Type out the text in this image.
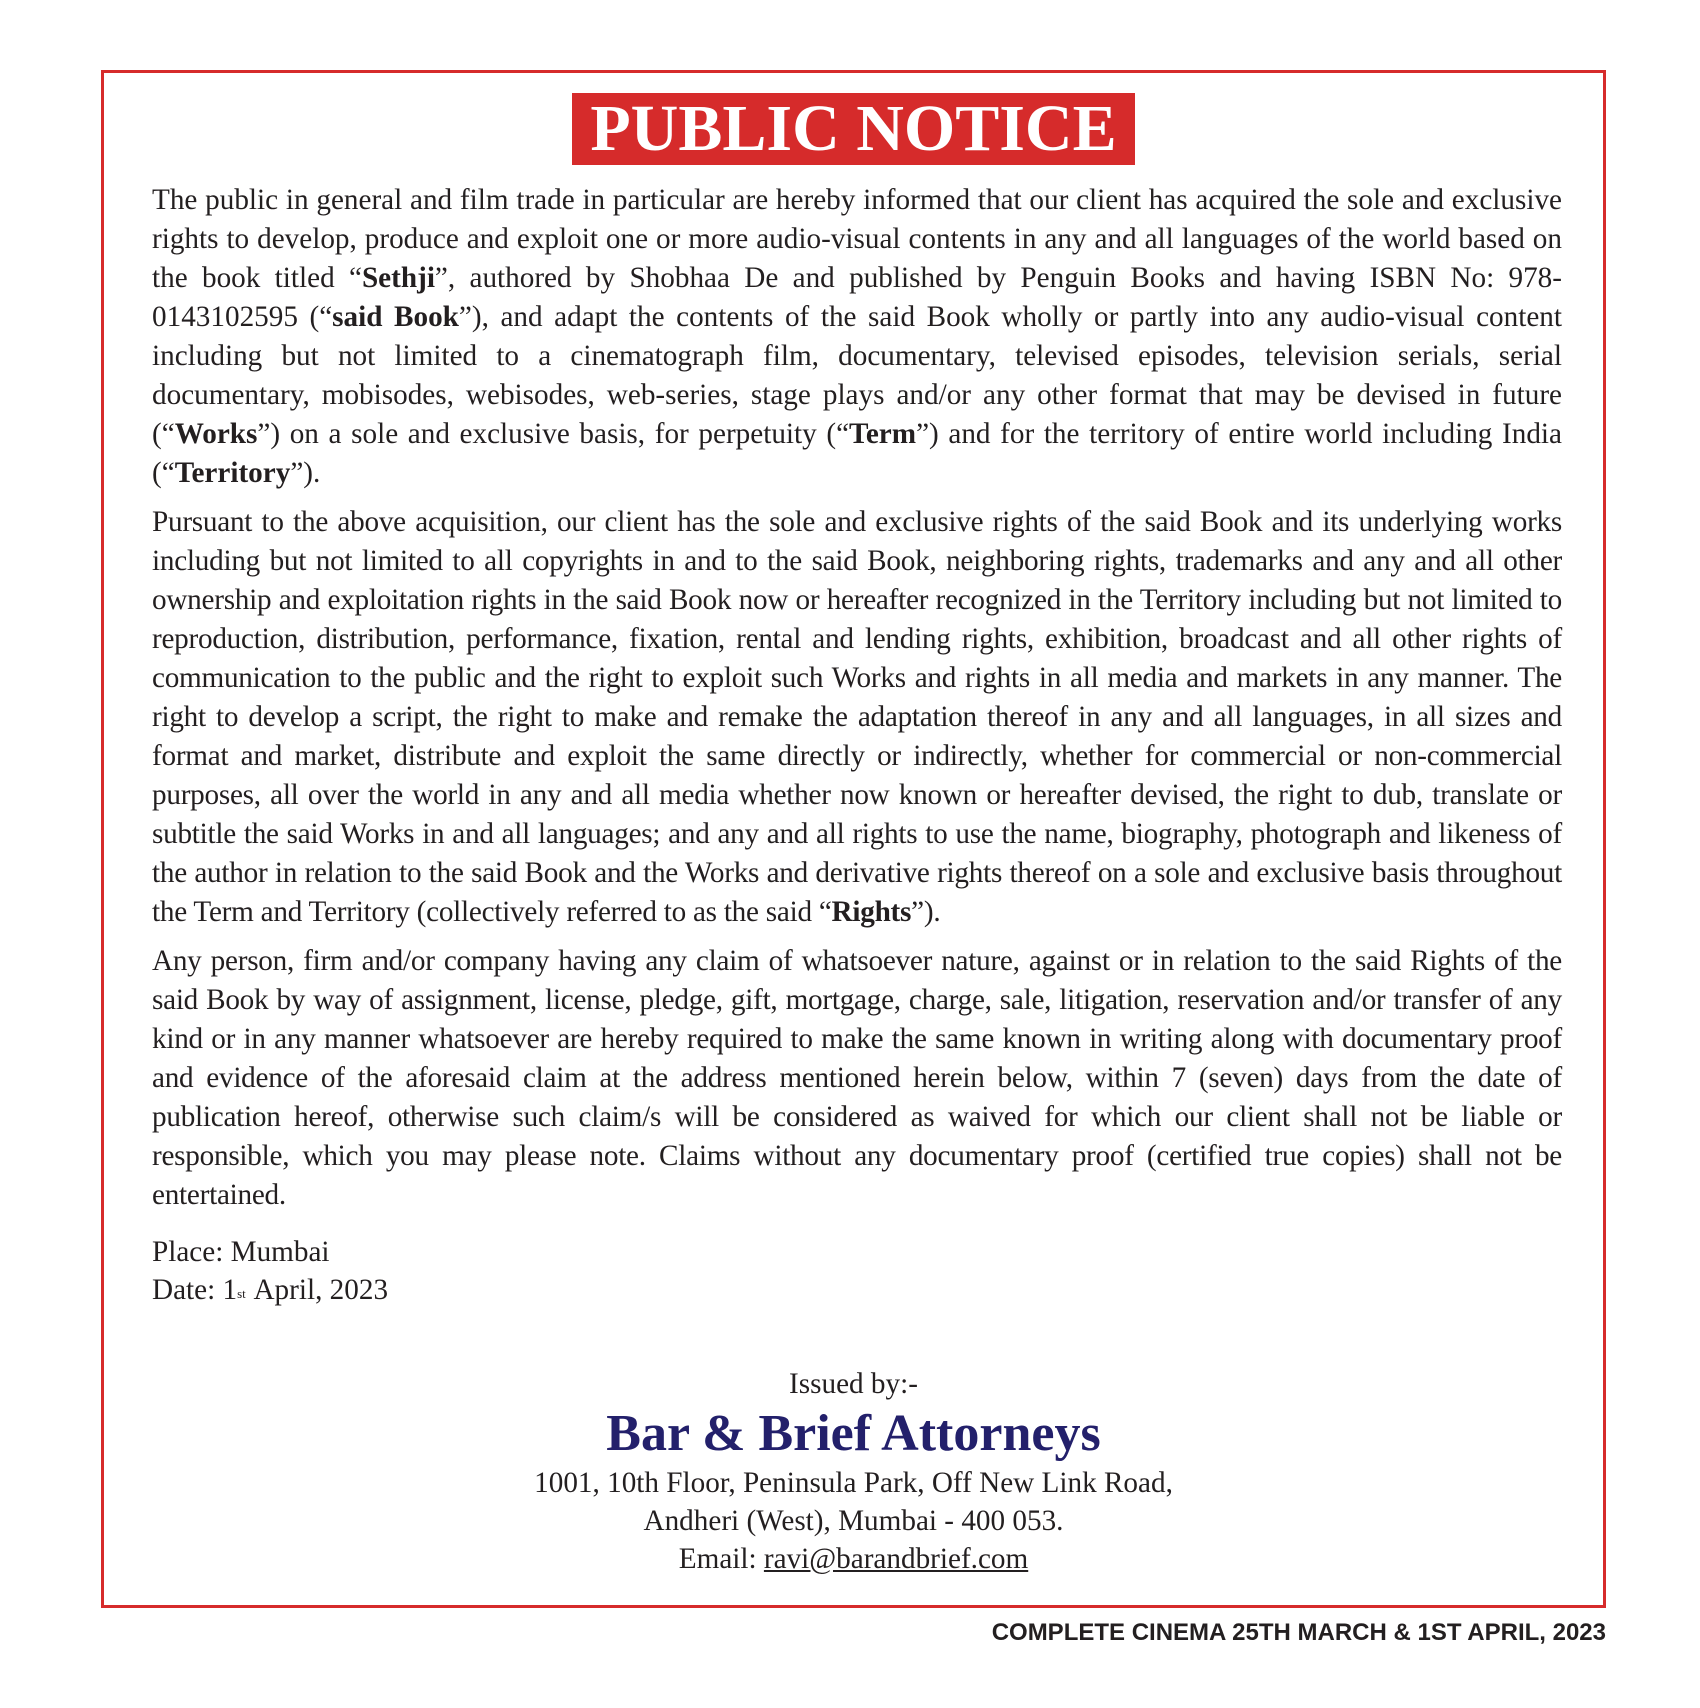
PUBLIC NOTICE

The public in general and film trade in particular are hereby informed that our client has acquired the sole and exclusive rights to develop, produce and exploit one or more audio-visual contents in any and all languages of the world based on the book titled “Sethji”, authored by Shobhaa De and published by Penguin Books and having ISBN No: 978-0143102595 (“said Book”), and adapt the contents of the said Book wholly or partly into any audio-visual content including but not limited to a cinematograph film, documentary, televised episodes, television serials, serial documentary, mobisodes, webisodes, web-series, stage plays and/or any other format that may be devised in future (“Works”) on a sole and exclusive basis, for perpetuity (“Term”) and for the territory of entire world including India (“Territory”).

Pursuant to the above acquisition, our client has the sole and exclusive rights of the said Book and its underlying works including but not limited to all copyrights in and to the said Book, neighboring rights, trademarks and any and all other ownership and exploitation rights in the said Book now or hereafter recognized in the Territory including but not limited to reproduction, distribution, performance, fixation, rental and lending rights, exhibition, broadcast and all other rights of communication to the public and the right to exploit such Works and rights in all media and markets in any manner. The right to develop a script, the right to make and remake the adaptation thereof in any and all languages, in all sizes and format and market, distribute and exploit the same directly or indirectly, whether for commercial or non-commercial purposes, all over the world in any and all media whether now known or hereafter devised, the right to dub, translate or subtitle the said Works in and all languages; and any and all rights to use the name, biography, photograph and likeness of the author in relation to the said Book and the Works and derivative rights thereof on a sole and exclusive basis throughout the Term and Territory (collectively referred to as the said “Rights”).

Any person, firm and/or company having any claim of whatsoever nature, against or in relation to the said Rights of the said Book by way of assignment, license, pledge, gift, mortgage, charge, sale, litigation, reservation and/or transfer of any kind or in any manner whatsoever are hereby required to make the same known in writing along with documentary proof and evidence of the aforesaid claim at the address mentioned herein below, within 7 (seven) days from the date of publication hereof, otherwise such claim/s will be considered as waived for which our client shall not be liable or responsible, which you may please note. Claims without any documentary proof (certified true copies) shall not be entertained.

Place: Mumbai
Date: 1st April, 2023
Issued by:-
Bar & Brief Attorneys
1001, 10th Floor, Peninsula Park, Off New Link Road,
Andheri (West), Mumbai - 400 053.
Email: ravi@barandbrief.com
COMPLETE CINEMA 25TH MARCH & 1ST APRIL, 2023
